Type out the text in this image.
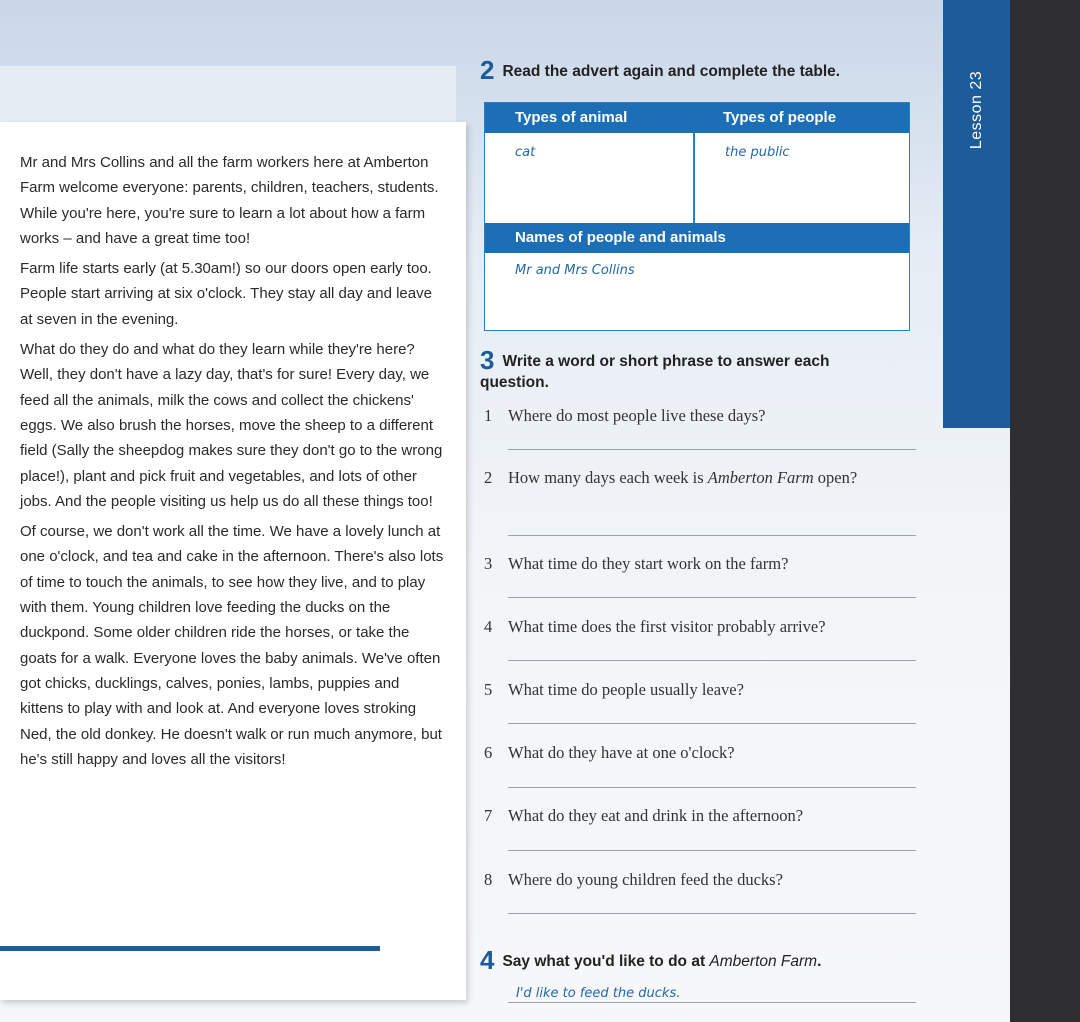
Lesson 23

Mr and Mrs Collins and all the farm workers here at Amberton Farm welcome everyone: parents, children, teachers, students. While you're here, you're sure to learn a lot about how a farm works – and have a great time too!

Farm life starts early (at 5.30am!) so our doors open early too. People start arriving at six o'clock. They stay all day and leave at seven in the evening.

What do they do and what do they learn while they're here? Well, they don't have a lazy day, that's for sure! Every day, we feed all the animals, milk the cows and collect the chickens' eggs. We also brush the horses, move the sheep to a different field (Sally the sheepdog makes sure they don't go to the wrong place!), plant and pick fruit and vegetables, and lots of other jobs. And the people visiting us help us do all these things too!

Of course, we don't work all the time. We have a lovely lunch at one o'clock, and tea and cake in the afternoon. There's also lots of time to touch the animals, to see how they live, and to play with them. Young children love feeding the ducks on the duckpond. Some older children ride the horses, or take the goats for a walk. Everyone loves the baby animals. We've often got chicks, ducklings, calves, ponies, lambs, puppies and kittens to play with and look at. And everyone loves stroking Ned, the old donkey. He doesn't walk or run much anymore, but he's still happy and loves all the visitors!

2 Read the advert again and complete the table.
Types of animal	Types of people
cat	the public
Names of people and animals
Mr and Mrs Collins
3 Write a word or short phrase to answer each question.
1 Where do most people live these days?
2 How many days each week is Amberton Farm open?
3 What time do they start work on the farm?
4 What time does the first visitor probably arrive?
5 What time do people usually leave?
6 What do they have at one o'clock?
7 What do they eat and drink in the afternoon?
8 Where do young children feed the ducks?
4 Say what you'd like to do at Amberton Farm.
I'd like to feed the ducks.
